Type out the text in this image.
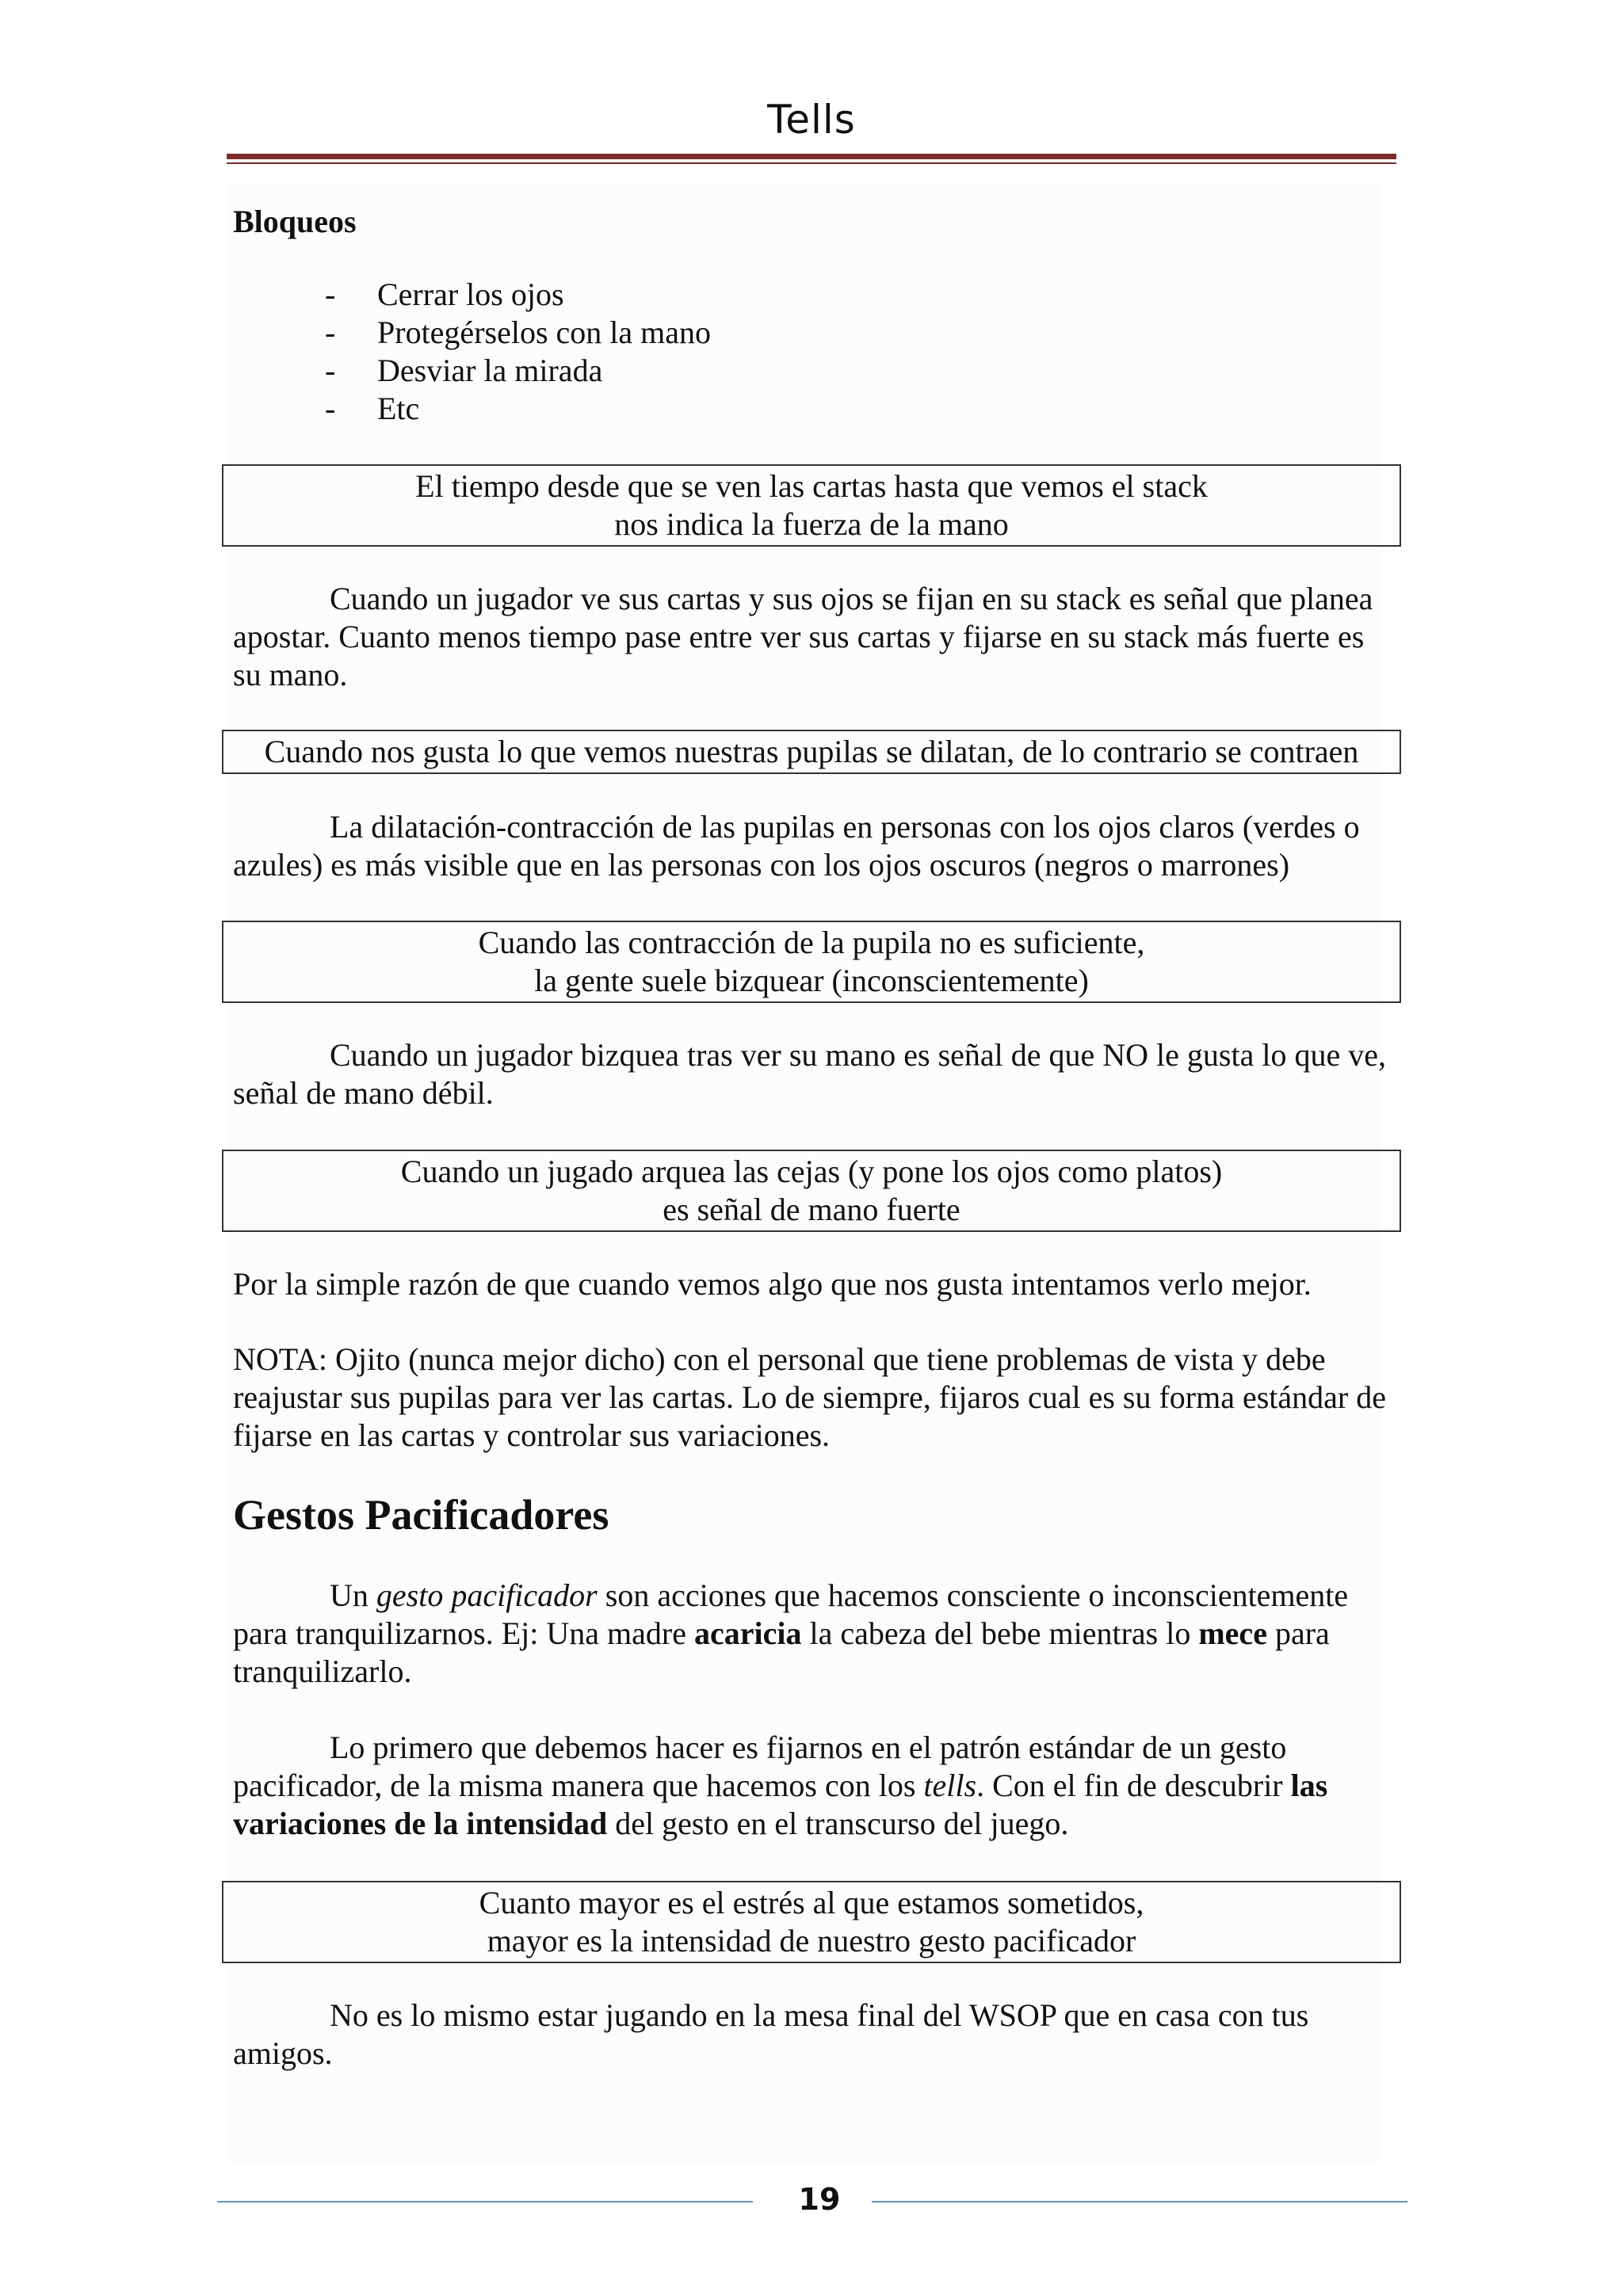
Tells

Bloqueos

-	Cerrar los ojos
-	Protegérselos con la mano
-	Desviar la mirada
-	Etc
El tiempo desde que se ven las cartas hasta que vemos el stack
nos indica la fuerza de la mano

Cuando un jugador ve sus cartas y sus ojos se fijan en su stack es señal que planea apostar. Cuanto menos tiempo pase entre ver sus cartas y fijarse en su stack más fuerte es su mano.

Cuando nos gusta lo que vemos nuestras pupilas se dilatan, de lo contrario se contraen

La dilatación-contracción de las pupilas en personas con los ojos claros (verdes o azules) es más visible que en las personas con los ojos oscuros (negros o marrones)

Cuando las contracción de la pupila no es suficiente,
la gente suele bizquear (inconscientemente)

Cuando un jugador bizquea tras ver su mano es señal de que NO le gusta lo que ve, señal de mano débil.

Cuando un jugado arquea las cejas (y pone los ojos como platos)
es señal de mano fuerte

Por la simple razón de que cuando vemos algo que nos gusta intentamos verlo mejor.

NOTA: Ojito (nunca mejor dicho) con el personal que tiene problemas de vista y debe reajustar sus pupilas para ver las cartas. Lo de siempre, fijaros cual es su forma estándar de fijarse en las cartas y controlar sus variaciones.

Gestos Pacificadores

Un gesto pacificador son acciones que hacemos consciente o inconscientemente para tranquilizarnos. Ej: Una madre acaricia la cabeza del bebe mientras lo mece para tranquilizarlo.

Lo primero que debemos hacer es fijarnos en el patrón estándar de un gesto pacificador, de la misma manera que hacemos con los tells. Con el fin de descubrir las variaciones de la intensidad del gesto en el transcurso del juego.

Cuanto mayor es el estrés al que estamos sometidos,
mayor es la intensidad de nuestro gesto pacificador

No es lo mismo estar jugando en la mesa final del WSOP que en casa con tus amigos.

19
